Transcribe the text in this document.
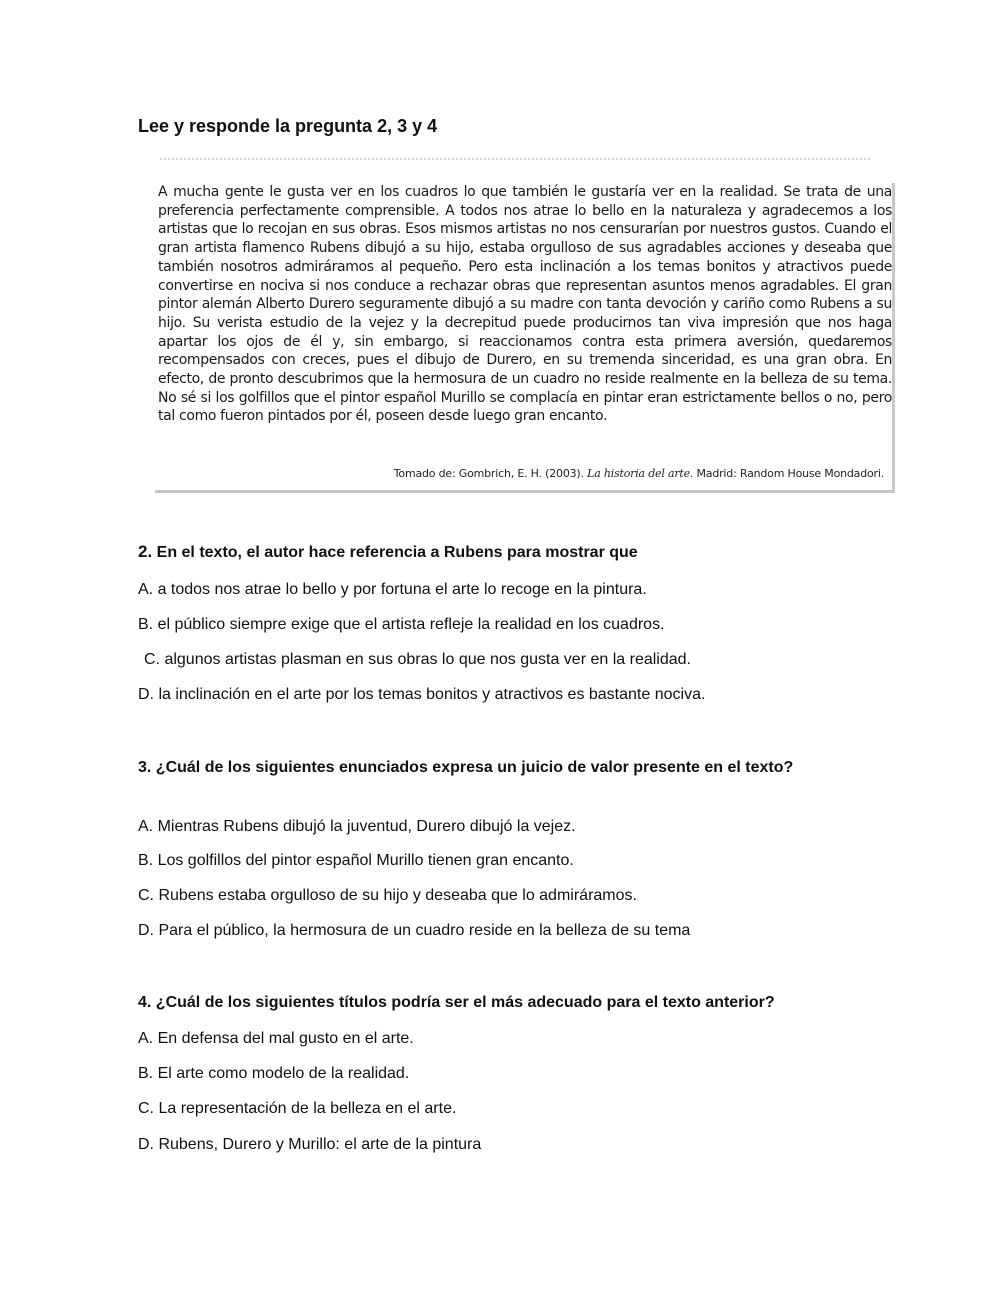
Lee y responde la pregunta 2, 3 y 4

A mucha gente le gusta ver en los cuadros lo que también le gustaría ver en la realidad. Se trata de una preferencia perfectamente comprensible. A todos nos atrae lo bello en la naturaleza y agradecemos a los artistas que lo recojan en sus obras. Esos mismos artistas no nos censurarían por nuestros gustos. Cuando el gran artista flamenco Rubens dibujó a su hijo, estaba orgulloso de sus agradables acciones y deseaba que también nosotros admiráramos al pequeño. Pero esta inclinación a los temas bonitos y atractivos puede convertirse en nociva si nos conduce a rechazar obras que representan asuntos menos agradables. El gran pintor alemán Alberto Durero seguramente dibujó a su madre con tanta devoción y cariño como Rubens a su hijo. Su verista estudio de la vejez y la decrepitud puede producirnos tan viva impresión que nos haga apartar los ojos de él y, sin embargo, si reaccionamos contra esta primera aversión, quedaremos recompensados con creces, pues el dibujo de Durero, en su tremenda sinceridad, es una gran obra. En efecto, de pronto descubrimos que la hermosura de un cuadro no reside realmente en la belleza de su tema. No sé si los golfillos que el pintor español Murillo se complacía en pintar eran estrictamente bellos o no, pero tal como fueron pintados por él, poseen desde luego gran encanto.

Tomado de: Gombrich, E. H. (2003). La historia del arte. Madrid: Random House Mondadori.

2. En el texto, el autor hace referencia a Rubens para mostrar que

A. a todos nos atrae lo bello y por fortuna el arte lo recoge en la pintura.

B. el público siempre exige que el artista refleje la realidad en los cuadros.

C. algunos artistas plasman en sus obras lo que nos gusta ver en la realidad.

D. la inclinación en el arte por los temas bonitos y atractivos es bastante nociva.

3. ¿Cuál de los siguientes enunciados expresa un juicio de valor presente en el texto?

A. Mientras Rubens dibujó la juventud, Durero dibujó la vejez.

B. Los golfillos del pintor español Murillo tienen gran encanto.

C. Rubens estaba orgulloso de su hijo y deseaba que lo admiráramos.

D. Para el público, la hermosura de un cuadro reside en la belleza de su tema

4. ¿Cuál de los siguientes títulos podría ser el más adecuado para el texto anterior?

A. En defensa del mal gusto en el arte.

B. El arte como modelo de la realidad.

C. La representación de la belleza en el arte.

D. Rubens, Durero y Murillo: el arte de la pintura
